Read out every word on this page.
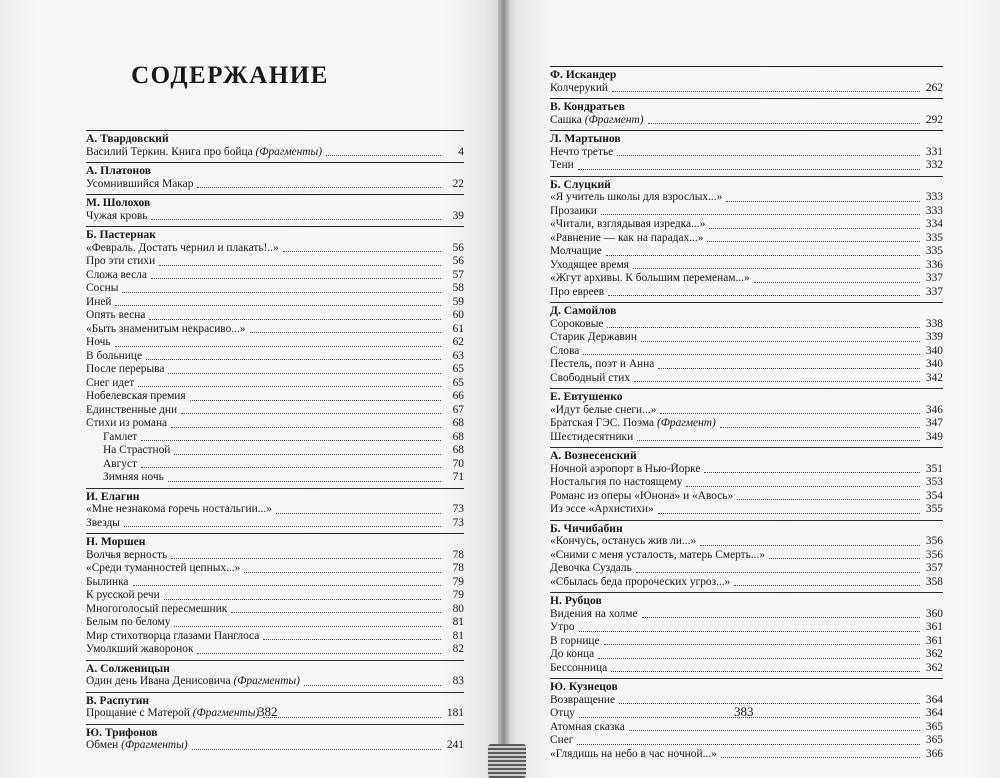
СОДЕРЖАНИЕ
А. Твардовский
Василий Теркин. Книга про бойца (Фрагменты)	4
А. Платонов
Усомнившийся Макар	22
М. Шолохов
Чужая кровь	39
Б. Пастернак
«Февраль. Достать чернил и плакать!..»	56
Про эти стихи	56
Сложа весла	57
Сосны	58
Иней	59
Опять весна	60
«Быть знаменитым некрасиво...»	61
Ночь	62
В больнице	63
После перерыва	65
Снег идет	65
Нобелевская премия	66
Единственные дни	67
Стихи из романа	68
Гамлет	68
На Страстной	68
Август	70
Зимняя ночь	71
И. Елагин
«Мне незнакома горечь ностальгии...»	73
Звезды	73
Н. Моршен
Волчья верность	78
«Среди туманностей цепных...»	78
Былинка	79
К русской речи	79
Многоголосый пересмешник	80
Белым по белому	81
Мир стихотворца глазами Панглоса	81
Умолкший жаворонок	82
А. Солженицын
Один день Ивана Денисовича (Фрагменты)	83
В. Распутин
Прощание с Матерой (Фрагменты)	181
Ю. Трифонов
Обмен (Фрагменты)	241
382
Ф. Искандер
Колчерукий	262
В. Кондратьев
Сашка (Фрагмент)	292
Л. Мартынов
Нечто третье	331
Тени	332
Б. Слуцкий
«Я учитель школы для взрослых...»	333
Прозаики	333
«Читали, взглядывая изредка...»	334
«Равнение — как на парадах...»	335
Молчащие	335
Уходящее время	336
«Жгут архивы. К большим переменам...»	337
Про евреев	337
Д. Самойлов
Сороковые	338
Старик Державин	339
Слова	340
Пестель, поэт и Анна	340
Свободный стих	342
Е. Евтушенко
«Идут белые снеги...»	346
Братская ГЭС. Поэма (Фрагмент)	347
Шестидесятники	349
А. Вознесенский
Ночной аэропорт в Нью-Йорке	351
Ностальгия по настоящему	353
Романс из оперы «Юнона» и «Авось»	354
Из эссе «Архистихи»	355
Б. Чичибабин
«Кончусь, останусь жив ли...»	356
«Сними с меня усталость, матерь Смерть...»	356
Девочка Суздаль	357
«Сбылась беда пророческих угроз...»	358
Н. Рубцов
Видения на холме	360
Утро	361
В горнице	361
До конца	362
Бессонница	362
Ю. Кузнецов
Возвращение	364
Отцу	364
Атомная сказка	365
Снег	365
«Глядишь на небо в час ночной...»	366
383
